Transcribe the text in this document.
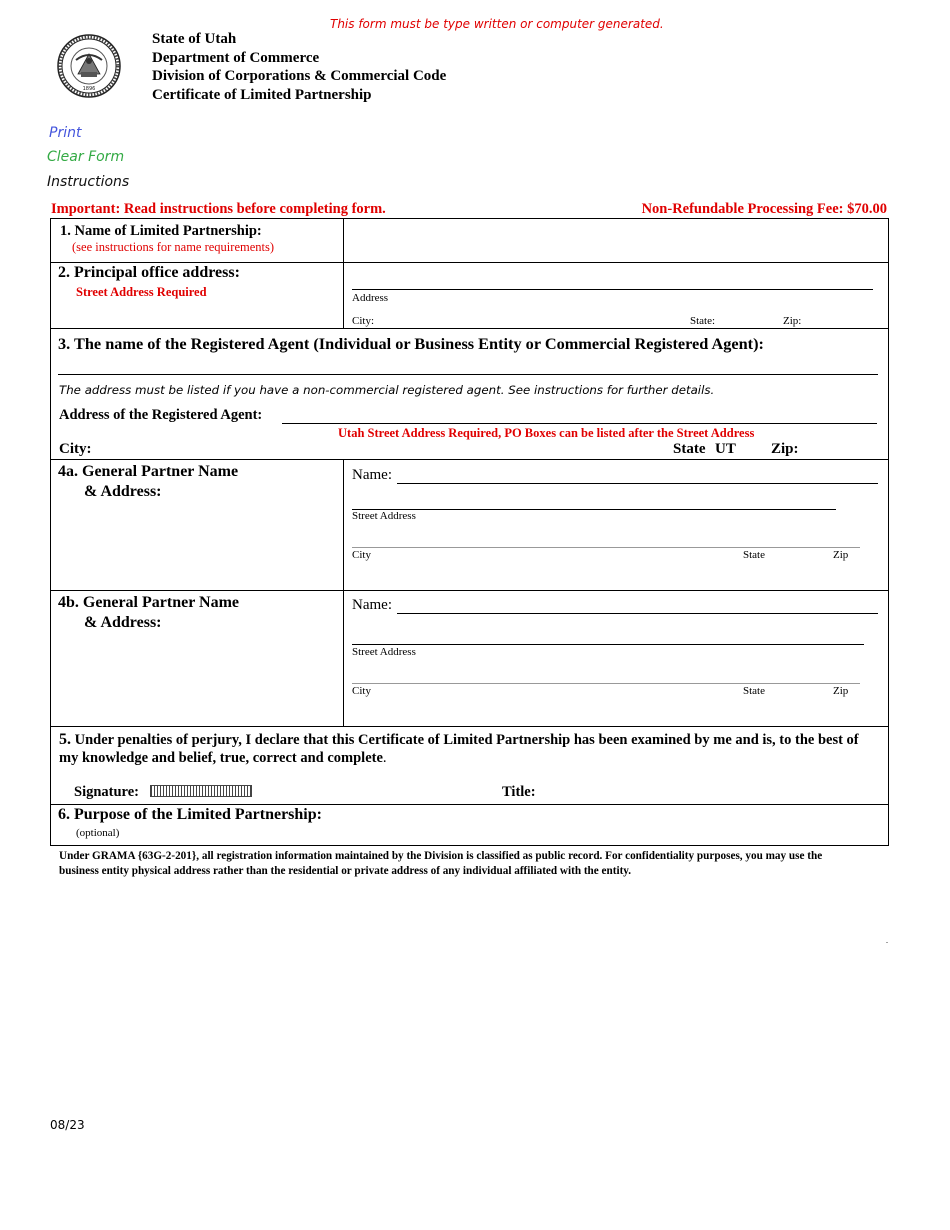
This form must be type written or computer generated.
1896
State of Utah
Department of Commerce
Division of Corporations & Commercial Code
Certificate of Limited Partnership
Print
Clear Form
Instructions
Important: Read instructions before completing form.	Non-Refundable Processing Fee: $70.00
1. Name of Limited Partnership:
(see instructions for name requirements)
2. Principal office address:
Street Address Required	Address
City:	State:	Zip:
3. The name of the Registered Agent (Individual or Business Entity or Commercial Registered Agent):
The address must be listed if you have a non-commercial registered agent. See instructions for further details.
Address of the Registered Agent:
Utah Street Address Required, PO Boxes can be listed after the Street Address
City:	State UT Zip:
4a. General Partner Name
& Address:
Name:
Street Address
City	State	Zip
4b. General Partner Name
& Address:
Name:
Street Address
City	State	Zip
5. Under penalties of perjury, I declare that this Certificate of Limited Partnership has been examined by me and is, to the best of my knowledge and belief, true, correct and complete.
Signature:	Title:
6. Purpose of the Limited Partnership:
(optional)
Under GRAMA {63G-2-201}, all registration information maintained by the Division is classified as public record. For confidentiality purposes, you may use the business entity physical address rather than the residential or private address of any individual affiliated with the entity.
.
08/23
